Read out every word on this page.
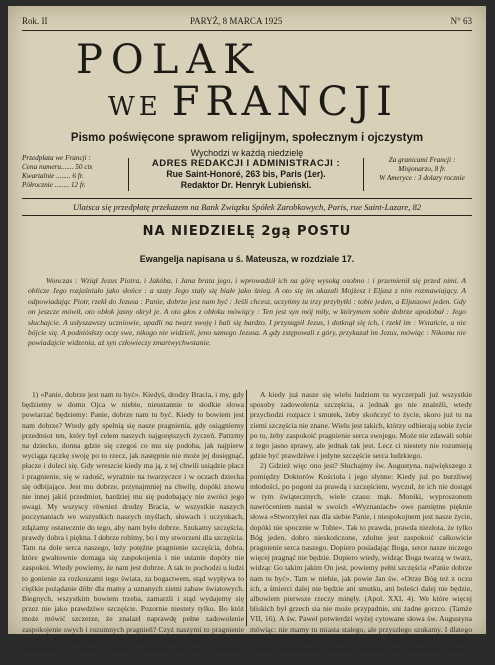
Rok. II	PARYŻ, 8 MARCA 1925	N° 63
POLAK
WE FRANCJI
Pismo poświęcone sprawom religijnym, społecznym i ojczystym
Wychodzi w każdą niedzielę
Przedpłata we Francji :
Cena numeru....... 50 cts
Kwartalnie ........ 6 fr.
Półrocznie ........ 12 fr.
ADRES REDAKCJI I ADMINISTRACJI :
Rue Saint-Honoré, 263 bis, Paris (1er).
Redaktor Dr. Henryk Lubieński.
Za granicami Francji :
Misjonarzo, 8 fr.
W Ameryce : 3 dolary rocznie
Ulatsca się przedpłatę przekazem na Bank Związku Spółek Zarobkowych, Paris, rue Saint-Lazare, 82
NA NIEDZIELĘ 2gą POSTU
Ewangelja napisana u ś. Mateusza, w rozdziale 17.
Wonczas : Wziął Jezus Piotra, i Jakóba, i Jana brata jego, i wprowadził ich na górę wysoką osobno : i przemienił się przed nimi. A oblicze Jego rozjaśniało jako słońce : a szaty Jego stały się białe jako śnieg. A oto się im ukazali Mojżesz i Eljasz z nim rozmawiający. A odpowiadając Piotr, rzekł do Jezusa : Panie, dobrze jest nam być : Jeśli chcesz, uczyńmy tu trzy przybytki : tobie jeden, a Eljaszowi jeden. Gdy on jeszcze mówił, oto obłok jasny okrył je. A oto głos z obłoku mówiący : Ten jest syn mój miły, w którymem sobie dobrze upodobał : Jego słuchajcie. A usłyszawszy uczniowie, upadli na twarz swoję i bali się bardzo. I przystąpił Jezus, i dotknął się ich, i rzekł im : Wstańcie, a nie bójcie się. A podniósłszy oczy swe, nikogo nie widzieli, jeno samego Jezusa. A gdy zstępowali z góry, przykazał im Jezus, mówiąc : Nikomu nie powiadajcie widzenia, aż syn człowieczy zmartwychwstanie.
1) «Panie, dobrze jest nam tu być». Kiedyś, drodzy Bracia, i my, gdy będziemy w domu Ojca w niebie, nieustannie te słodkie słowa powtarzać będziemy: Panie, dobrze nam tu być. Kiedy to bowiem jest nam dobrze? Wtedy gdy spełnią się nasze pragnienia, gdy osiągniemy przedmiot ten, który był celem naszych najgorętszych życzeń. Patrzmy na dziecko, donna gdzie się czegoś co mu się podoba, jak najpierw wyciąga rączkę swoję po to rzecz, jak następnie nie może jej dosięgnąć, płacze i doleci się. Gdy wreszcie kiedy ma ją, z tej chwili usiądzie płacz i pragnienie, się w radość, wyraźnie na twarzyczce i w oczach dziecka się odbijające. Jest mu dobrze, przynajmniej na chwilę, dopóki znowu nie innej jakiś przedmiot, bardziej mu się podobający nie zwróci jego uwagi. My wszyscy również drodzy Bracia, w wszystkie naszych poczynaniach we wszystkich naszych myślach, słowach i uczynkach, zdążamy ostatecznie do tego, aby nam było dobrze. Szukamy szczęścia, prawdy dobra i piękna. I dobrze robimy, bo i my stworzeni dla szczęścia. Tam na dole serca naszego, leży potężne pragnienie szczęścia, dobra, które gwałtownie domaga się zaspokojenia i nie ustanie dopóty nie zaspokoi. Wtedy powiemy, że nam jest dobrze. A tak to pochodzi u ludzi to gonienie za rozkoszami tego świata, za bogactwem, stąd wypływa to ciężkie pożądanie dóbr dla mamy a uznanych ziemi zabaw światowych. Biegnych, wszystkim bowiem trzeba, zamarzli i stąd wydajemy się przez nie jako prawdziwe szczęście. Pozornie niestety tylko. Bo któż może mówić szczerze, że znalazł naprawdę pełne zadowolenie zaspokojenie swych i rozumnych pragnień? Czyż naszymi to pragnienie szczęścia nie odezwało się dotychczasowi prawie głosem. Któż zaś tymbardziej tu wszyscy zaznali odkrywali tej tonie szukaniem szczęścia?

A kiedy już nasze się wielu ludziom tu wyczerpali już wszystkie sposoby zadowolenia szczęścia, a jednak go nie znaleźli, wtedy przychodzi rozpacz i smutek, żeby skończyć to życie, skoro już tu na ziemi szczęścia nie znane. Wielu jest takich, którzy odbierają sobie życie po to, żeby zaspokoić pragnienie serca swojego. Może nie zdawali sobie z tego jasno sprawy, ale jednak tak jest. Lecz ci niestety nie rozumieją gdzie być prawdziwe i jedyne szczęście serca ludzkiego.

2) Gdzież więc ono jest? Słuchajmy św. Augustyna, największego z pomiędzy Doktorów Kościoła i jego słynne: Kiedy już po burzliwej młodości, po pogoni za prawdą i szczęściem, wyczuł, że ich nie dostąpi w tym świątecznych, wiele czasu: mąk. Moniki, wyproszonem nawróceniem nastał w swoich «Wyznaniach» owe pamiętne pięknie słowa «Stworzyłeś nas dla siebie Panie, i niespokojnem jest nasze życie, dopóki nie spocznie w Tobie». Tak to prawda, prawda niezłota, że tylko Bóg jeden, dobro nieskończone, zdolne jest zaspokoić całkowicie pragnienie serca naszego. Dopiero posiadając Boga, serce nasze niczego więcej pragnąć nie będzie. Dopiero wtedy, widząc Boga twarzą w twarz, widząc Go takim jakim On jest, powiemy pełni szczęścia «Panie dobrze nam tu być». Tam w niebie, jak powie Jan św. «Otrze Bóg też z oczu ich, a śmierci dalej nie będzie ani smutku, ani boleści dalej nie będzie, albowiem pierwsze rzeczy minęły. (Apol. XXI, 4). We które więcej bliskich był grzech sia nie może przypadnie, sni żadne gorzco. (Tamże VII, 16). A św. Paweł potwierdzi wyżej cytowane słowa św. Augustyna mówiąc: nie mamy tu miasta stałego, ale przyszłego szukamy. I dlatego to niebo przedstawia się nam jako tyle pełne szczęścia, szczęścia takiego, które żadnych już innych pragnień w sercu naszem nie wzbudzi.
